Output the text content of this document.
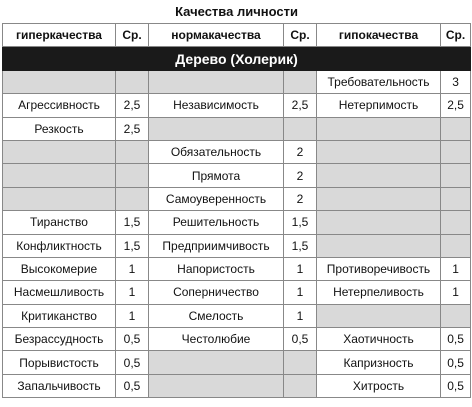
Качества личности					
гиперкачества	Ср.	нормакачества	Ср.	гипокачества	Ср.
Дерево (Холерик)					
				Требовательность	3
Агрессивность	2,5	Независимость	2,5	Нетерпимость	2,5
Резкость	2,5				
		Обязательность	2		
		Прямота	2		
		Самоуверенность	2		
Тиранство	1,5	Решительность	1,5		
Конфликтность	1,5	Предприимчивость	1,5		
Высокомерие	1	Напористость	1	Противоречивость	1
Насмешливость	1	Соперничество	1	Нетерпеливость	1
Критиканство	1	Смелость	1		
Безрассудность	0,5	Честолюбие	0,5	Хаотичность	0,5
Порывистость	0,5			Капризность	0,5
Запальчивость	0,5			Хитрость	0,5
